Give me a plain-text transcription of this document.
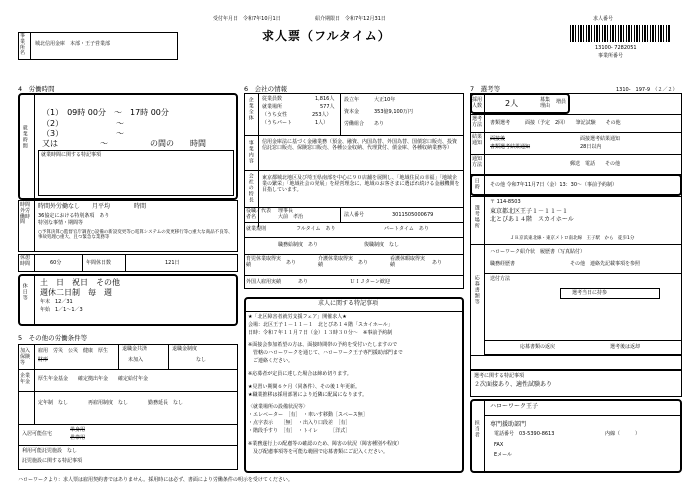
受付年月日　令和7年10月1日	紹介期限日　令和7年12月31日
求人票（フルタイム）
求人番号
13100- 7282051
事業所番号
事業所名
城北信用金庫　本部・王子営業部
4　労働時間
就業時間
（1）　09時 00分　～　17時 00分
（2）
（3）
～
～
又は	～	の間の　　時間
就業時間に関する特記事項
時間外労働時間
時間外労働なし　　月平均　　　　時間
36協定における特別条項　あり
特別な事情・期間等
○予算決算○監督官庁調査○設備の新設変更等○電算システムの変更移行等○重大な商品不良等、事故処理○重大、且つ緊急な業務等
休憩時間	60分	年間休日数	121日
休日等
土　日　祝日　その他
週休二日制　毎　週
年末　12／31
年始　1／1～1／3
5　その他の労働条件等
加入保険等
雇用　労災　公災　健康　厚生
財形
退職金共済
未加入
退職金制度
なし
企業年金	厚生年金基金　　確定拠出年金　　確定給付年金
定年制　なし　　　　再雇用制度　なし　　　　勤務延長　なし
入居可能住宅
単身用
世帯用
利用可能託児施設　なし
託児施設に関する特記事項
6　会社の情報
企業全体 従業員数	1,816人
就業場所	577人
（うち女性	253人）
（うちパート	1人）
設立年	大正10年
資本金	353億9,100万円
労働組合 あり
事業内容 信用金庫法に基づく金融業務（預金、融資、内国為替、外国為替、国債窓口販売、投資信託窓口販売、保険窓口販売、各種公金収納、代理貸付、債金庫、各種収納業務等）
会社の特長 東京都城北地区及び埼玉県南部を中心に９０店舗を展開し、「地域住民の幸福」「地域企業の繁栄」「地域社会の発展」を経営理念に、地域のお客さまに選ばれ続ける金融機関を目指しています。
役職／代表者名
理事長
大前　孝治	法人番号	3011505000679
就業規則	フルタイム　あり	パートタイム　あり
職務給制度　あり	復職制度　なし
育児休業取得実績	あり
介護休業取得実績	あり
看護休暇取得実績	あり
外国人雇用実績	あり	ＵＩＪターン歓迎
求人に関する特記事項
★「北区障害者就労支援フェア」開催求人★
会場：北区王子１－１１－１　北とぴあ１４階「スカイホール」
日時：令和７年１１月７日（金）１３時３０分～　※事前予約制
※面接会参加希望の方は、面接時間帯の予約を受付いたしますので
　管轄のハローワークを通じて、ハローワーク王子専門援助部門まで
　ご連絡ください。
※応募者が定員に達した場合は締め切ります。
★見習い期間６ケ月（同条件）、その後１年更新。
★職業推移は採用部署により近隣に配属になります。
〈就業場所の設備状況等〉
・エレベーター　［有］　・車いす移動［スペース無］
・点字表示　　［無］　・出入り口段差　［有］
・階段手すり　［有］　・トイレ　　　［洋式］
※業務遂行上の配慮等の確認のため、障害の状況（障害種別や程度）
　及び配慮事項等を可能な範囲で応募書類にご記入ください。
7　選考等	1310-　197-9　（２／２）
採用人数	2人	募集理由
増員
選考方法	書類選考　　　面接（予定　2回）　　筆記試験　　その他
結果通知
面接後	面接選考結果通知
書類選考結果通知	28日以内
通知方法	郵送　電話　　その他
日時 その他 令和7年11月7日（金）13：30～（事前予約制）
選考場所
〒 114-8503
東京都北区王子１－１１－１
北とぴあ１４階　スカイホール
ＪＲ京浜東北線・東京メトロ南北線　王子駅　から　徒歩1分
応募書類等
ハローワーク紹介状　履歴書（写真貼付）
職務経歴書	その他　連絡先記載事項を参照
送付方法
選考当日に持参
応募書類の返戻	選考後は返却
選考に関する特記事項
２次面接あり、適性試験あり
担当者
ハローワーク王子
専門援助部門
電話番号　03-5390-8613	内線（　　　）
FAX
Eメール
ハローワークより：求人票は雇用契約書ではありません。採用時には必ず、書面により労働条件の明示を受けてください。
